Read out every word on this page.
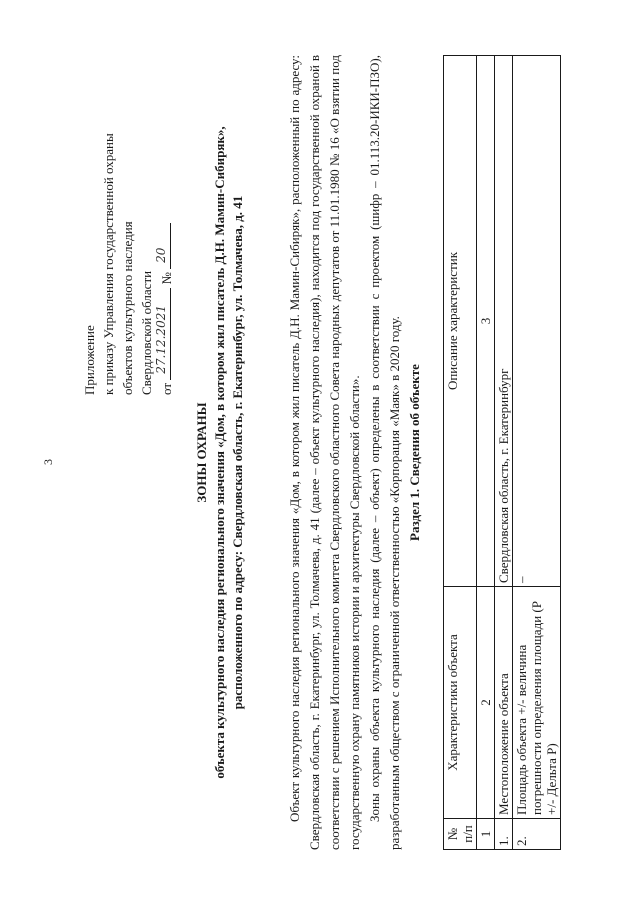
3
Приложение к приказу Управления государственной охраны объектов культурного наследия Свердловской области от
27.12.2021
№
20
ЗОНЫ ОХРАНЫ объекта культурного наследия регионального значения «Дом, в котором жил писатель Д.Н. Мамин-Сибиряк», расположенного по адресу: Свердловская область, г. Екатеринбург, ул. Толмачева, д. 41	Объект культурного наследия регионального значения «Дом, в котором жил писатель Д.Н. Мамин-Сибиряк», расположенный по адресу: Свердловская область, г. Екатеринбург, ул. Толмачева, д. 41 (далее – объект культурного наследия), находится под государственной охраной в соответствии с решением Исполнительного комитета Свердловского областного Совета народных депутатов от 11.01.1980 № 16 «О взятии под государственную охрану памятников истории и архитектуры Свердловской области». Зоны охраны объекта культурного наследия (далее – объект) определены в соответствии с проектом (шифр – 01.113.20-ИКИ-ПЗО), разработанным обществом с ограниченной ответственностью «Корпорация «Маяк» в 2020 году. Раздел 1. Сведения об объекте
№ п/п	Характеристики объекта	Описание характеристик
1	2	3
1.	Местоположение объекта	Свердловская область, г. Екатеринбург
2.	Площадь объекта +/- величина погрешности определения площади (P +/- Дельта P)	–
